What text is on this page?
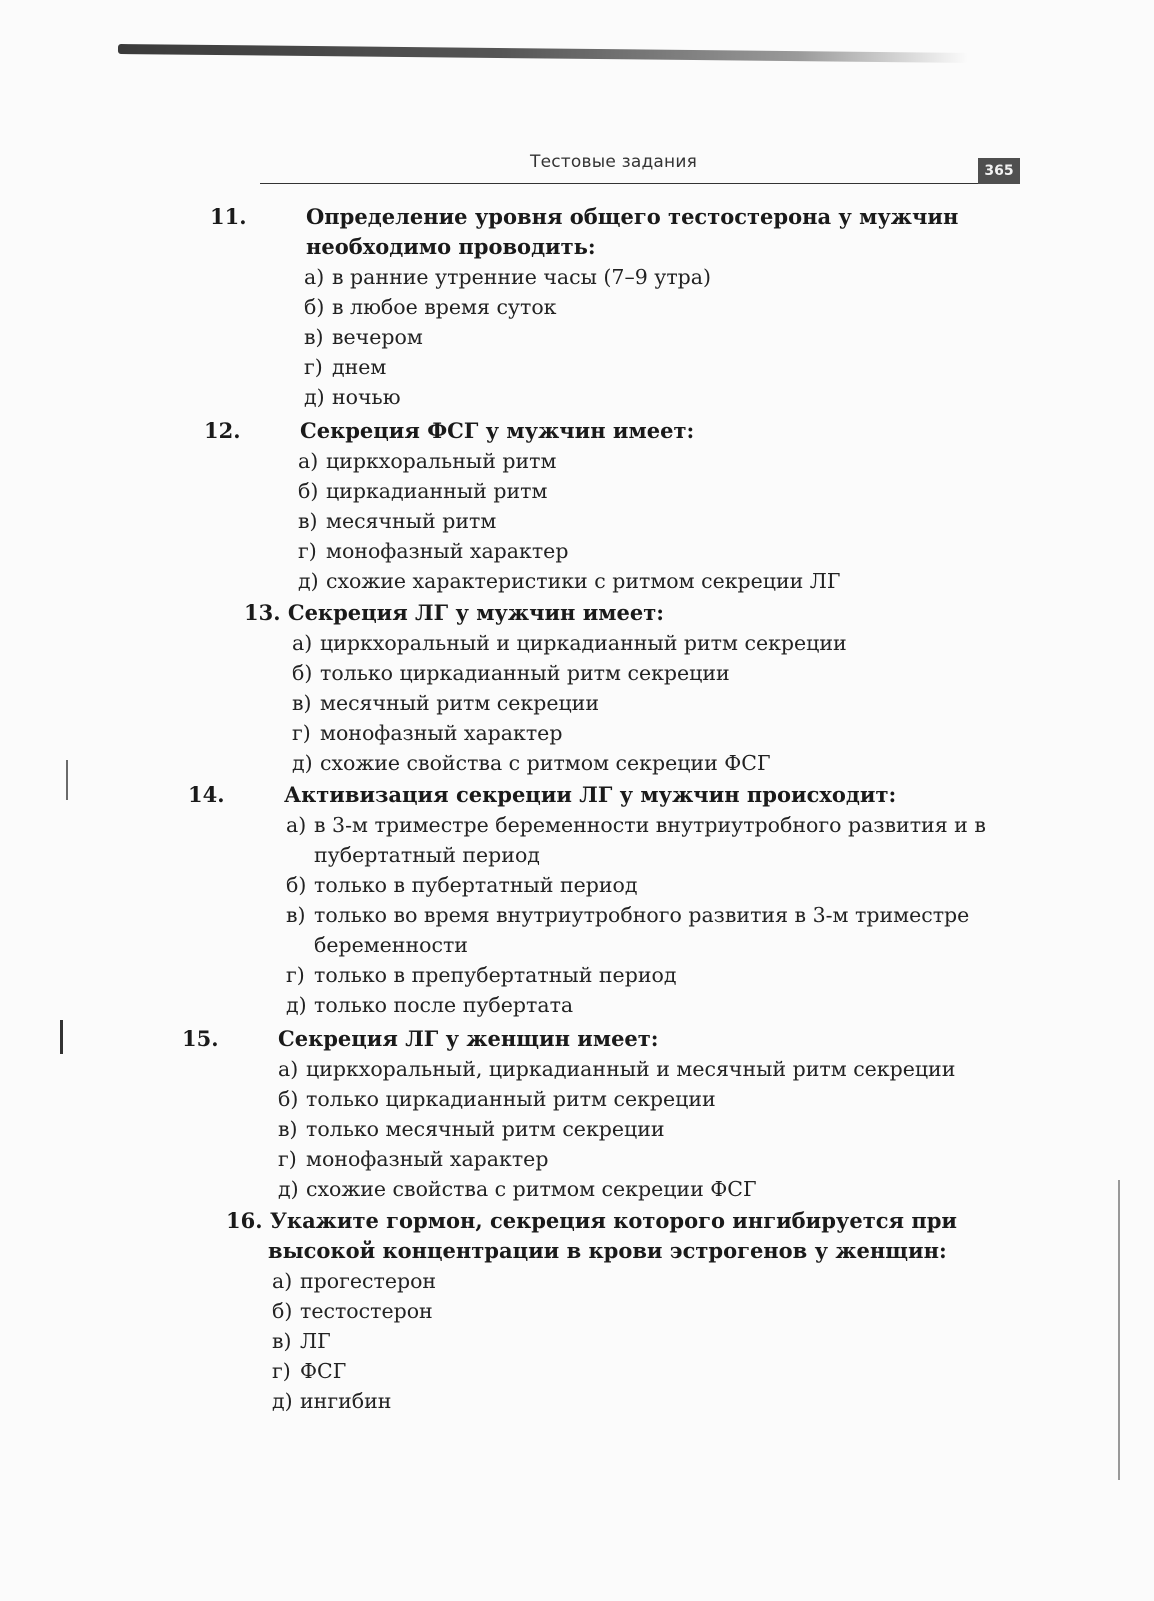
Тестовые задания	365
11.	Определение уровня общего тестостерона у мужчин необходимо проводить:
а) в ранние утренние часы (7–9 утра)
б) в любое время суток
в) вечером
г) днем
д) ночью
12.	Секреция ФСГ у мужчин имеет:
а) циркхоральный ритм
б) циркадианный ритм
в) месячный ритм
г) монофазный характер
д) схожие характеристики с ритмом секреции ЛГ
13. Секреция ЛГ у мужчин имеет:
а) циркхоральный и циркадианный ритм секреции
б) только циркадианный ритм секреции
в) месячный ритм секреции
г) монофазный характер
д) схожие свойства с ритмом секреции ФСГ
14.	Активизация секреции ЛГ у мужчин происходит:
а) в 3-м триместре беременности внутриутробного развития и в пубертатный период
б) только в пубертатный период
в) только во время внутриутробного развития в 3-м триместре беременности
г) только в препубертатный период
д) только после пубертата
15.	Секреция ЛГ у женщин имеет:
а) циркхоральный, циркадианный и месячный ритм секреции
б) только циркадианный ритм секреции
в) только месячный ритм секреции
г) монофазный характер
д) схожие свойства с ритмом секреции ФСГ
16. Укажите гормон, секреция которого ингибируется при высокой концентрации в крови эстрогенов у женщин:
а) прогестерон
б) тестостерон
в) ЛГ
г) ФСГ
д) ингибин
